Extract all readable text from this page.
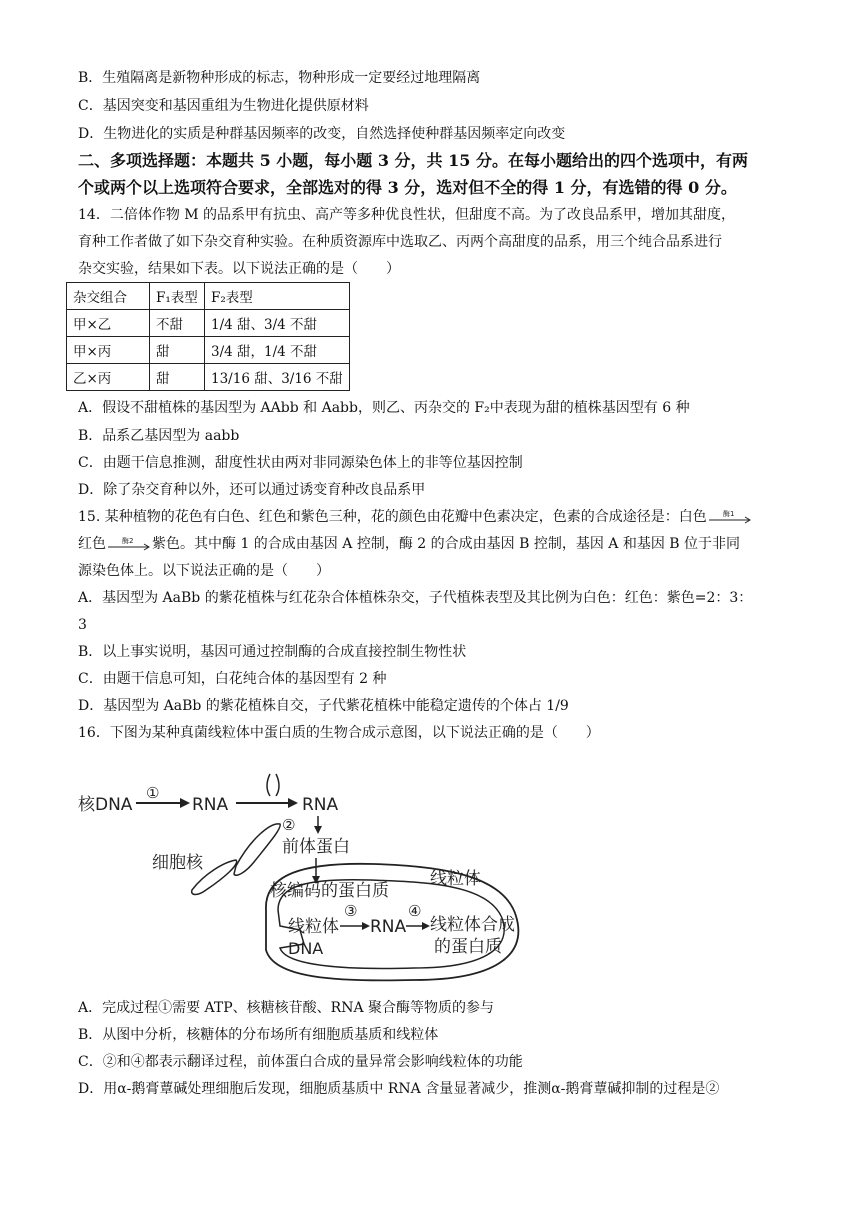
B．生殖隔离是新物种形成的标志，物种形成一定要经过地理隔离
C．基因突变和基因重组为生物进化提供原材料
D．生物进化的实质是种群基因频率的改变，自然选择使种群基因频率定向改变
二、多项选择题：本题共 5 小题，每小题 3 分，共 15 分。在每小题给出的四个选项中，有两
个或两个以上选项符合要求，全部选对的得 3 分，选对但不全的得 1 分，有选错的得 0 分。
14．二倍体作物 M 的品系甲有抗虫、高产等多种优良性状，但甜度不高。为了改良品系甲，增加其甜度，
育种工作者做了如下杂交育种实验。在种质资源库中选取乙、丙两个高甜度的品系，用三个纯合品系进行
杂交实验，结果如下表。以下说法正确的是（　　）
杂交组合	F₁表型	F₂表型
甲×乙	不甜	1/4 甜、3/4 不甜
甲×丙	甜	3/4 甜，1/4 不甜
乙×丙	甜	13/16 甜、3/16 不甜
A．假设不甜植株的基因型为 AAbb 和 Aabb，则乙、丙杂交的 F₂中表现为甜的植株基因型有 6 种
B．品系乙基因型为 aabb
C．由题干信息推测，甜度性状由两对非同源染色体上的非等位基因控制
D．除了杂交育种以外，还可以通过诱变育种改良品系甲
15. 某种植物的花色有白色、红色和紫色三种，花的颜色由花瓣中色素决定，色素的合成途径是：白色 酶1
红色 酶2 紫色。其中酶 1 的合成由基因 A 控制，酶 2 的合成由基因 B 控制，基因 A 和基因 B 位于非同
源染色体上。以下说法正确的是（　　）
A．基因型为 AaBb 的紫花植株与红花杂合体植株杂交，子代植株表型及其比例为白色：红色：紫色=2：3：
3
B．以上事实说明，基因可通过控制酶的合成直接控制生物性状
C．由题干信息可知，白花纯合体的基因型有 2 种
D．基因型为 AaBb 的紫花植株自交，子代紫花植株中能稳定遗传的个体占 1/9
16．下图为某种真菌线粒体中蛋白质的生物合成示意图，以下说法正确的是（　　）
核DNA
①
RNA	RNA
②
前体蛋白
细胞核
线粒体
核编码的蛋白质
线粒体
③
RNA
④
线粒体合成
的蛋白质
DNA
A．完成过程①需要 ATP、核糖核苷酸、RNA 聚合酶等物质的参与
B．从图中分析，核糖体的分布场所有细胞质基质和线粒体
C．②和④都表示翻译过程，前体蛋白合成的量异常会影响线粒体的功能
D．用α-鹅膏蕈碱处理细胞后发现，细胞质基质中 RNA 含量显著减少，推测α-鹅膏蕈碱抑制的过程是②
